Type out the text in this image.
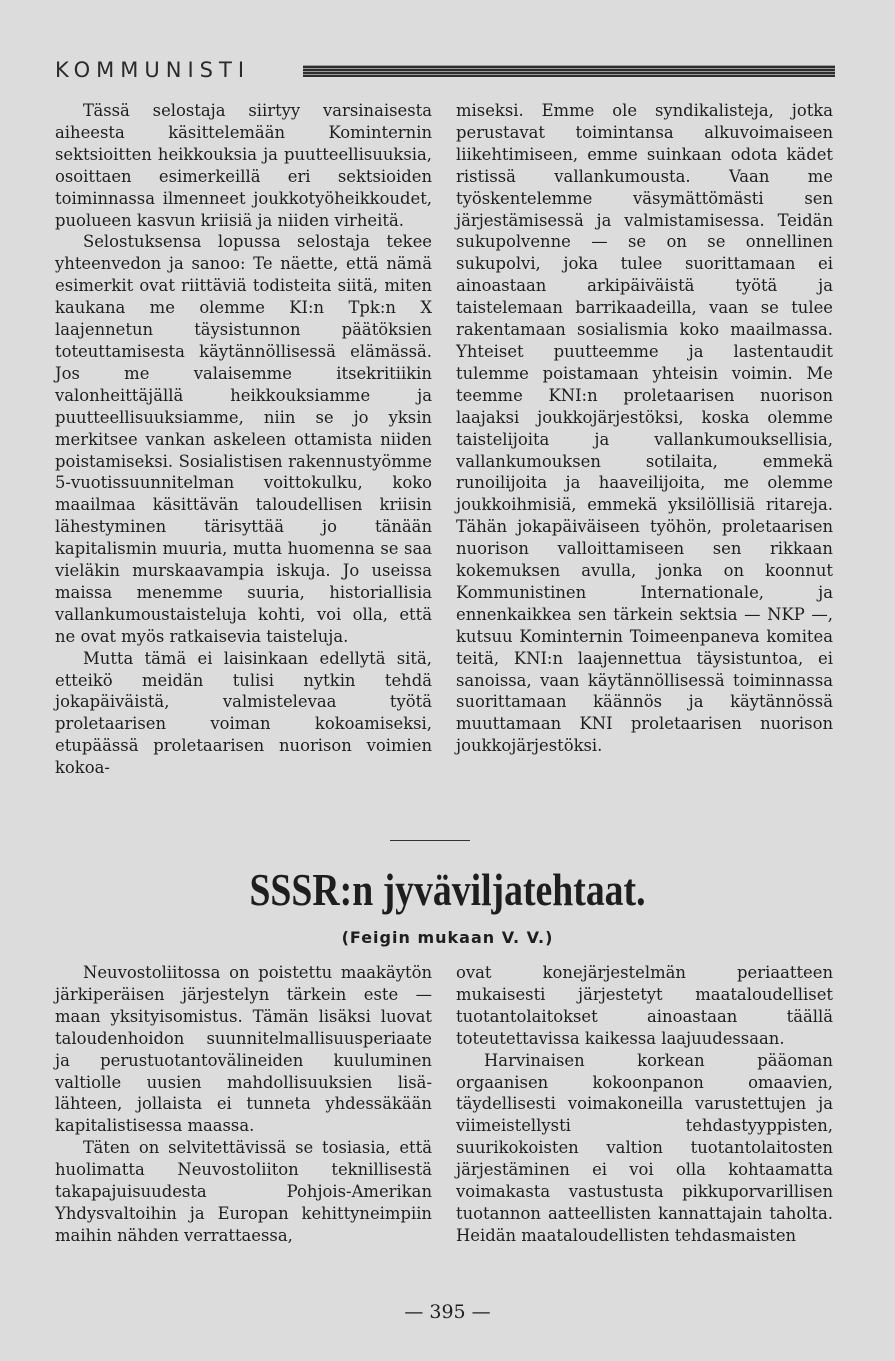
KOMMUNISTI

Tässä selostaja siirtyy varsinaisesta aiheesta käsittelemään Kominternin sektsioitten heikkouksia ja puutteellisuuksia, osoittaen esimerkeillä eri sektsioiden toiminnassa ilmenneet joukkotyöheikkoudet, puolueen kasvun kriisiä ja niiden virheitä.

Selostuksensa lopussa selostaja tekee yhteenvedon ja sanoo: Te näette, että nämä esimerkit ovat riittäviä todisteita siitä, miten kaukana me olemme KI:n Tpk:n X laajennetun täysistunnon päätöksien toteuttamisesta käytännöllisessä elämässä. Jos me valaisemme itsekritiikin valonheittäjällä heikkouksiamme ja puutteellisuuksiamme, niin se jo yksin merkitsee vankan askeleen ottamista niiden poistamiseksi. Sosialistisen rakennustyömme 5-vuotissuunnitelman voittokulku, koko maailmaa käsittävän taloudellisen kriisin lähestyminen tärisyttää jo tänään kapitalismin muuria, mutta huomenna se saa vieläkin murskaavampia iskuja. Jo useissa maissa menemme suuria, historiallisia vallankumoustaisteluja kohti, voi olla, että ne ovat myös ratkaisevia taisteluja.

Mutta tämä ei laisinkaan edellytä sitä, etteikö meidän tulisi nytkin tehdä jokapäiväistä, valmistelevaa työtä proletaarisen voiman kokoamiseksi, etupäässä proletaarisen nuorison voimien kokoa-

miseksi. Emme ole syndikalisteja, jotka perustavat toimintansa alkuvoimaiseen liikehtimiseen, emme suinkaan odota kädet ristissä vallankumousta. Vaan me työskentelemme väsymättömästi sen järjestämisessä ja valmistamisessa. Teidän sukupolvenne — se on se onnellinen sukupolvi, joka tulee suorittamaan ei ainoastaan arkipäiväistä työtä ja taistelemaan barrikaadeilla, vaan se tulee rakentamaan sosialismia koko maailmassa. Yhteiset puutteemme ja lastentaudit tulemme poistamaan yhteisin voimin. Me teemme KNI:n proletaarisen nuorison laajaksi joukkojärjestöksi, koska olemme taistelijoita ja vallankumouksellisia, vallankumouksen sotilaita, emmekä runoilijoita ja haaveilijoita, me olemme joukkoihmisiä, emmekä yksilöllisiä ritareja. Tähän jokapäiväiseen työhön, proletaarisen nuorison valloittamiseen sen rikkaan kokemuksen avulla, jonka on koonnut Kommunistinen Internationale, ja ennenkaikkea sen tärkein sektsia — NKP —, kutsuu Kominternin Toimeenpaneva komitea teitä, KNI:n laajennettua täysistuntoa, ei sanoissa, vaan käytännöllisessä toiminnassa suorittamaan käännös ja käytännössä muuttamaan KNI proletaarisen nuorison joukkojärjestöksi.

SSSR:n jyväviljatehtaat.
(Feigin mukaan V. V.)

Neuvostoliitossa on poistettu maakäytön järkiperäisen järjestelyn tärkein este — maan yksityisomistus. Tämän lisäksi luovat taloudenhoidon suunnitelmallisuusperiaate ja perustuotantovälineiden kuuluminen valtiolle uusien mahdollisuuksien lisä-lähteen, jollaista ei tunneta yhdessäkään kapitalistisessa maassa.

Täten on selvitettävissä se tosiasia, että huolimatta Neuvostoliiton teknillisestä takapajuisuudesta Pohjois-Amerikan Yhdysvaltoihin ja Europan kehittyneimpiin maihin nähden verrattaessa,

ovat konejärjestelmän periaatteen mukaisesti järjestetyt maataloudelliset tuotantolaitokset ainoastaan täällä toteutettavissa kaikessa laajuudessaan.

Harvinaisen korkean pääoman orgaanisen kokoonpanon omaavien, täydellisesti voimakoneilla varustettujen ja viimeistellysti tehdastyyppisten, suurikokoisten valtion tuotantolaitosten järjestäminen ei voi olla kohtaamatta voimakasta vastustusta pikkuporvarillisen tuotannon aatteellisten kannattajain taholta. Heidän maataloudellisten tehdasmaisten

— 395 —
